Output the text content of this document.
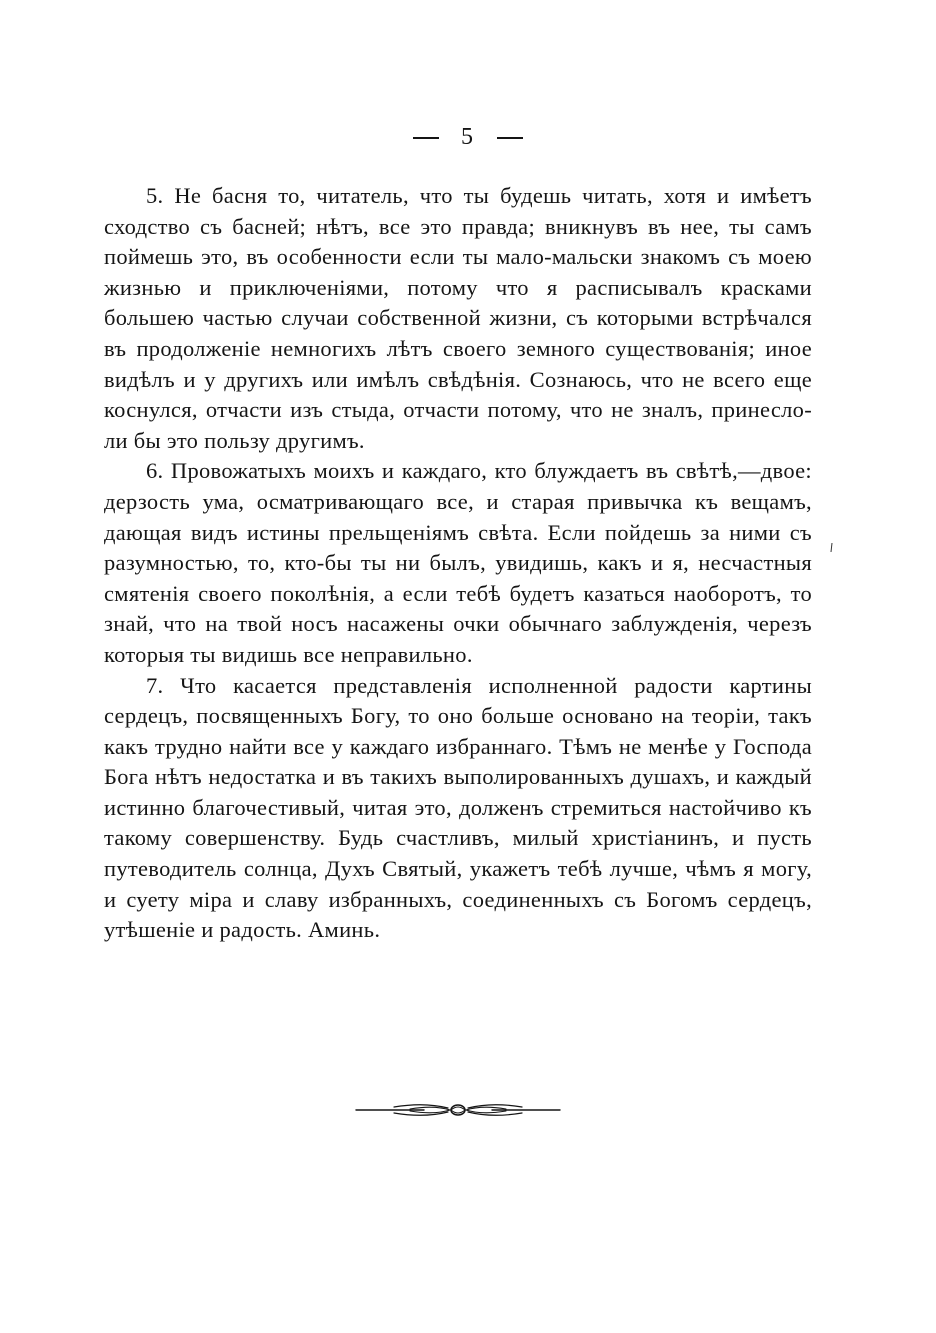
5

5. Не басня то, читатель, что ты будешь читать, хотя и имѣетъ сходство съ басней; нѣтъ, все это правда; вникнувъ въ нее, ты самъ поймешь это, въ особенности если ты мало-мальски знакомъ съ моею жизнью и приключеніями, потому что я расписывалъ красками большею частью случаи собственной жизни, съ которыми встрѣчался въ продолженіе немногихъ лѣтъ своего земного существованія; иное видѣлъ и у другихъ или имѣлъ свѣдѣнія. Сознаюсь, что не всего еще коснулся, отчасти изъ стыда, отчасти потому, что не зналъ, принесло-ли бы это пользу другимъ.

6. Провожатыхъ моихъ и каждаго, кто блуждаетъ въ свѣтѣ,—двое: дерзость ума, осматривающаго все, и старая привычка къ вещамъ, дающая видъ истины прельщеніямъ свѣта. Если пойдешь за ними съ разумностью, то, кто-бы ты ни былъ, увидишь, какъ и я, несчастныя смятенія своего поколѣнія, а если тебѣ будетъ казаться наоборотъ, то знай, что на твой носъ насажены очки обычнаго заблужденія, черезъ которыя ты видишь все неправильно.

7. Что касается представленія исполненной радости картины сердецъ, посвященныхъ Богу, то оно больше основано на теоріи, такъ какъ трудно найти все у каждаго избраннаго. Тѣмъ не менѣе у Господа Бога нѣтъ недостатка и въ такихъ выполированныхъ душахъ, и каждый истинно благочестивый, читая это, долженъ стремиться настойчиво къ такому совершенству. Будь счастливъ, милый христіанинъ, и пусть путеводитель солнца, Духъ Святый, укажетъ тебѣ лучше, чѣмъ я могу, и суету міра и славу избранныхъ, соединенныхъ съ Богомъ сердецъ, утѣшеніе и радость. Аминь.
